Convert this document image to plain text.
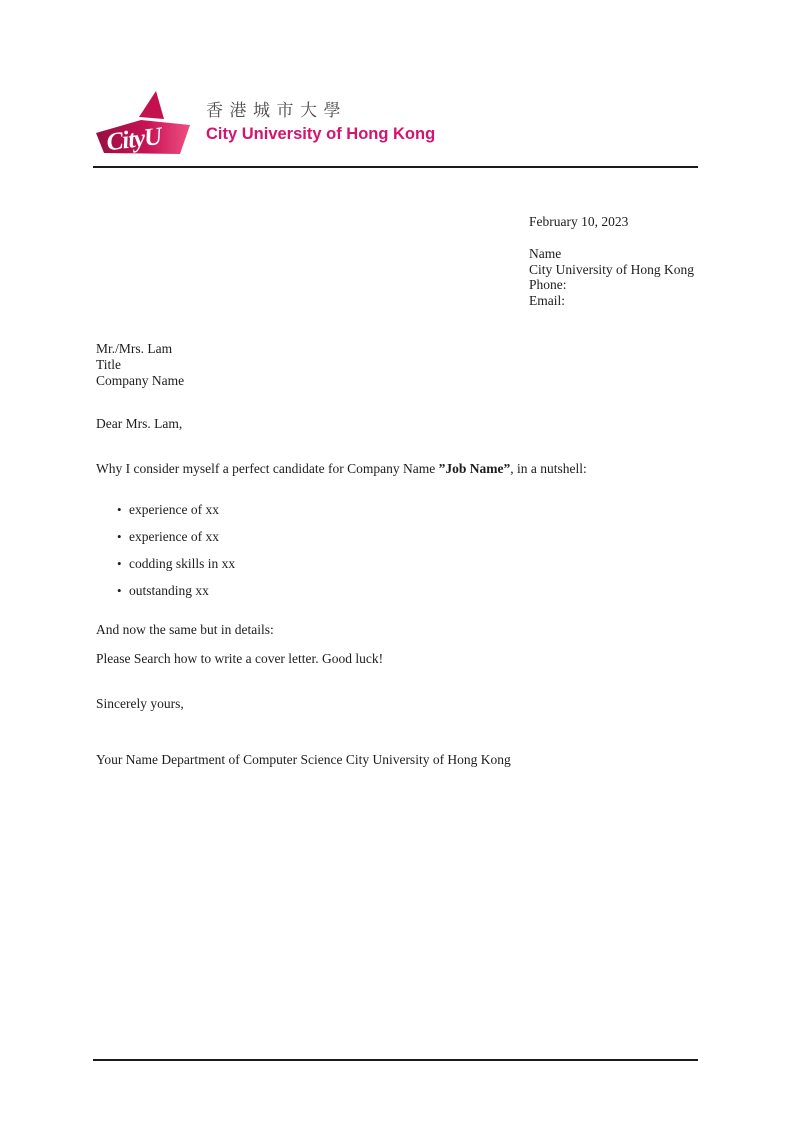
CityU
香港城市大學
City University of Hong Kong
February 10, 2023
Name
City University of Hong Kong
Phone:
Email:
Mr./Mrs. Lam
Title
Company Name
Dear Mrs. Lam,
Why I consider myself a perfect candidate for Company Name ”Job Name”, in a nutshell:
• experience of xx
• experience of xx
• codding skills in xx
• outstanding xx
And now the same but in details:
Please Search how to write a cover letter. Good luck!
Sincerely yours,
Your Name Department of Computer Science City University of Hong Kong
